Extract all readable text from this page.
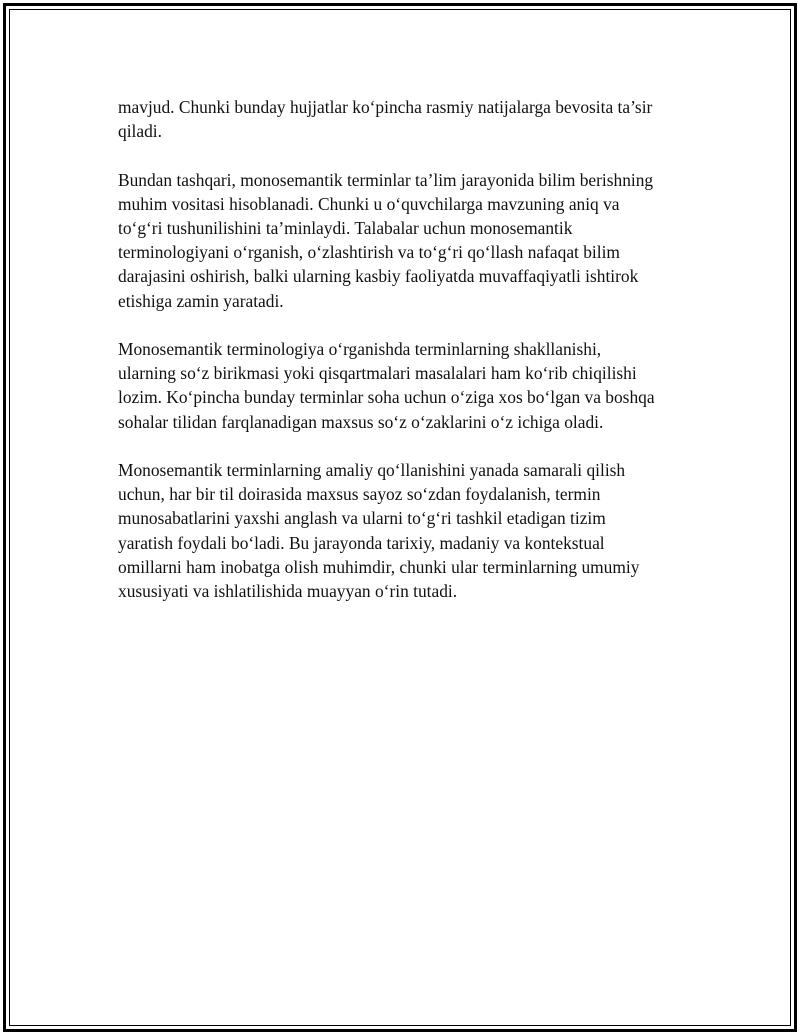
mavjud. Chunki bunday hujjatlar ko‘pincha rasmiy natijalarga bevosita ta’sir
qiladi.

Bundan tashqari, monosemantik terminlar ta’lim jarayonida bilim berishning
muhim vositasi hisoblanadi. Chunki u o‘quvchilarga mavzuning aniq va
to‘g‘ri tushunilishini ta’minlaydi. Talabalar uchun monosemantik
terminologiyani o‘rganish, o‘zlashtirish va to‘g‘ri qo‘llash nafaqat bilim
darajasini oshirish, balki ularning kasbiy faoliyatda muvaffaqiyatli ishtirok
etishiga zamin yaratadi.

Monosemantik terminologiya o‘rganishda terminlarning shakllanishi,
ularning so‘z birikmasi yoki qisqartmalari masalalari ham ko‘rib chiqilishi
lozim. Ko‘pincha bunday terminlar soha uchun o‘ziga xos bo‘lgan va boshqa
sohalar tilidan farqlanadigan maxsus so‘z o‘zaklarini o‘z ichiga oladi.

Monosemantik terminlarning amaliy qo‘llanishini yanada samarali qilish
uchun, har bir til doirasida maxsus sayoz so‘zdan foydalanish, termin
munosabatlarini yaxshi anglash va ularni to‘g‘ri tashkil etadigan tizim
yaratish foydali bo‘ladi. Bu jarayonda tarixiy, madaniy va kontekstual
omillarni ham inobatga olish muhimdir, chunki ular terminlarning umumiy
xususiyati va ishlatilishida muayyan o‘rin tutadi.
